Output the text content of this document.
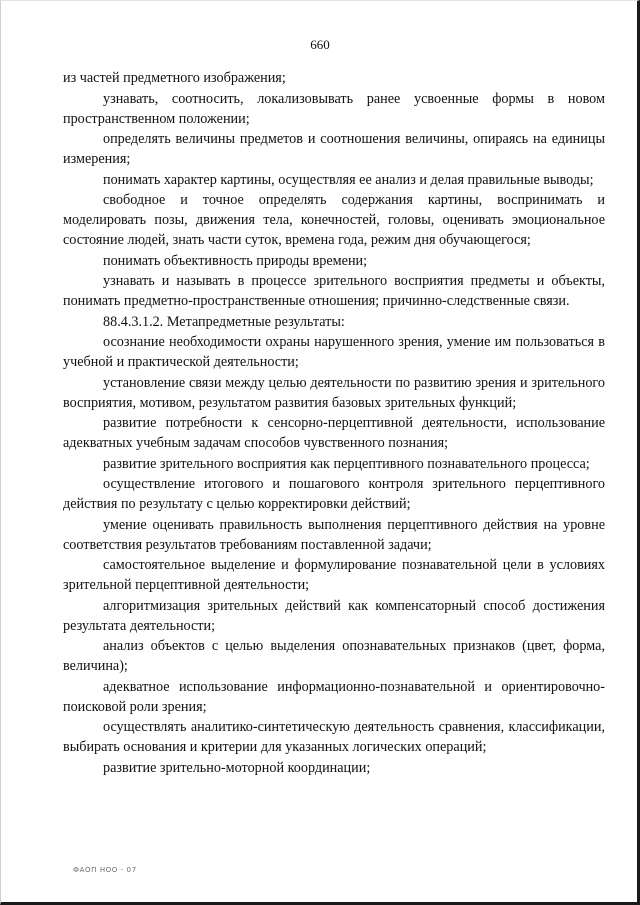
660

из частей предметного изображения;

узнавать, соотносить, локализовывать ранее усвоенные формы в новом пространственном положении;

определять величины предметов и соотношения величины, опираясь на единицы измерения;

понимать характер картины, осуществляя ее анализ и делая правильные выводы;

свободное и точное определять содержания картины, воспринимать и моделировать позы, движения тела, конечностей, головы, оценивать эмоциональное состояние людей, знать части суток, времена года, режим дня обучающегося;

понимать объективность природы времени;

узнавать и называть в процессе зрительного восприятия предметы и объекты, понимать предметно-пространственные отношения; причинно-следственные связи.

88.4.3.1.2. Метапредметные результаты:

осознание необходимости охраны нарушенного зрения, умение им пользоваться в учебной и практической деятельности;

установление связи между целью деятельности по развитию зрения и зрительного восприятия, мотивом, результатом развития базовых зрительных функций;

развитие потребности к сенсорно-перцептивной деятельности, использование адекватных учебным задачам способов чувственного познания;

развитие зрительного восприятия как перцептивного познавательного процесса;

осуществление итогового и пошагового контроля зрительного перцептивного действия по результату с целью корректировки действий;

умение оценивать правильность выполнения перцептивного действия на уровне соответствия результатов требованиям поставленной задачи;

самостоятельное выделение и формулирование познавательной цели в условиях зрительной перцептивной деятельности;

алгоритмизация зрительных действий как компенсаторный способ достижения результата деятельности;

анализ объектов с целью выделения опознавательных признаков (цвет, форма, величина);

адекватное использование информационно-познавательной и ориентировочно-поисковой роли зрения;

осуществлять аналитико-синтетическую деятельность сравнения, классификации, выбирать основания и критерии для указанных логических операций;

развитие зрительно-моторной координации;

ФАОП НОО - 07
